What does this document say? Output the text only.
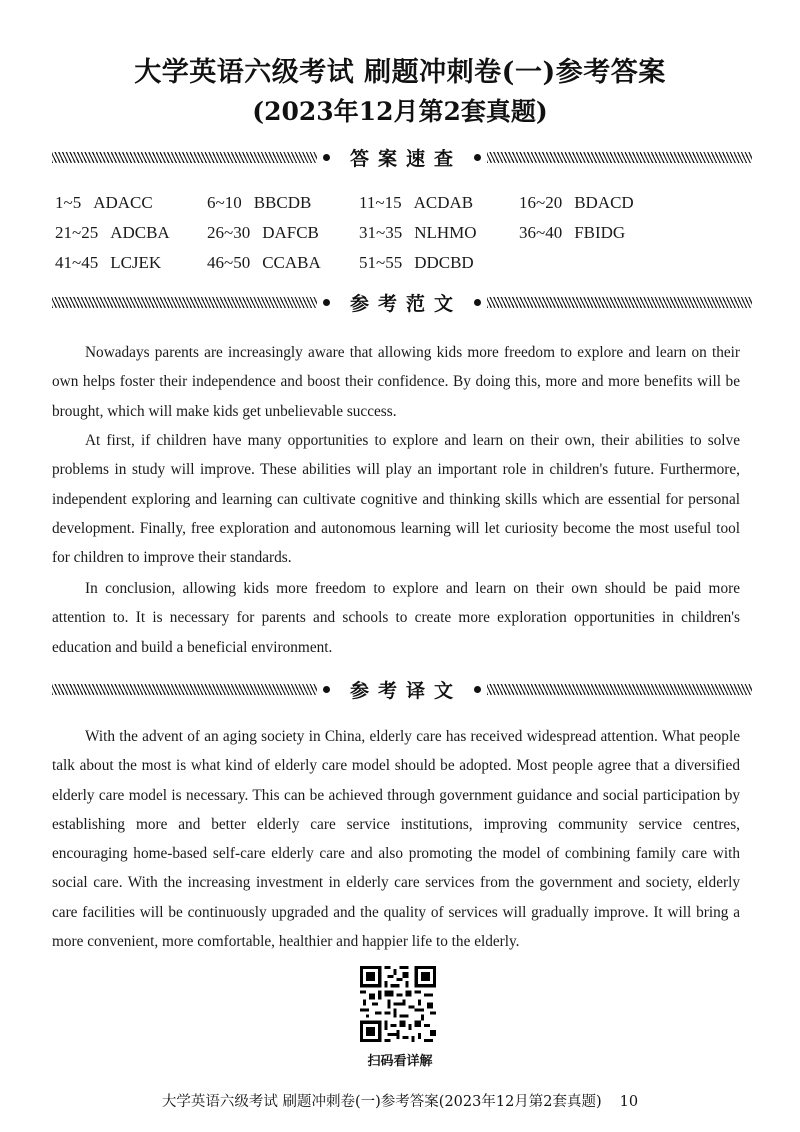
大学英语六级考试 刷题冲刺卷(一)参考答案
(2023年12月第2套真题)
答案速查
1~5 ADACC	6~10 BBCDB	11~15 ACDAB	16~20 BDACD
21~25 ADCBA	26~30 DAFCB	31~35 NLHMO	36~40 FBIDG
41~45 LCJEK	46~50 CCABA	51~55 DDCBD
参考范文

Nowadays parents are increasingly aware that allowing kids more freedom to explore and learn on their own helps foster their independence and boost their confidence. By doing this, more and more benefits will be brought, which will make kids get unbelievable success.

At first, if children have many opportunities to explore and learn on their own, their abilities to solve problems in study will improve. These abilities will play an important role in children's future. Furthermore, independent exploring and learning can cultivate cognitive and thinking skills which are essential for personal development. Finally, free exploration and autonomous learning will let curiosity become the most useful tool for children to improve their standards.

In conclusion, allowing kids more freedom to explore and learn on their own should be paid more attention to. It is necessary for parents and schools to create more exploration opportunities in children's education and build a beneficial environment.

参考译文

With the advent of an aging society in China, elderly care has received widespread attention. What people talk about the most is what kind of elderly care model should be adopted. Most people agree that a diversified elderly care model is necessary. This can be achieved through government guidance and social participation by establishing more and better elderly care service institutions, improving community service centres, encouraging home-based self-care elderly care and also promoting the model of combining family care with social care. With the increasing investment in elderly care services from the government and society, elderly care facilities will be continuously upgraded and the quality of services will gradually improve. It will bring a more convenient, more comfortable, healthier and happier life to the elderly.

扫码看详解
大学英语六级考试 刷题冲刺卷(一)参考答案(2023年12月第2套真题) 10
